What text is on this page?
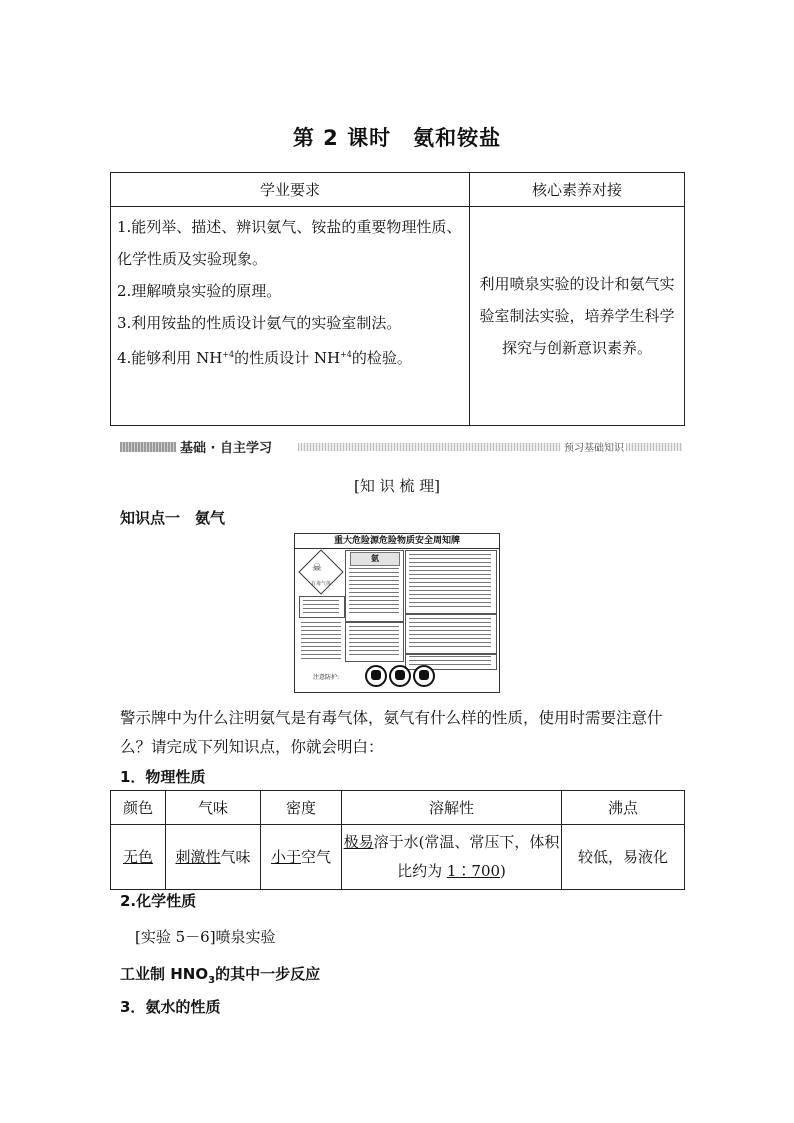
第 2 课时　氨和铵盐
学业要求	核心素养对接

1.能列举、描述、辨识氨气、铵盐的重要物理性质、化学性质及实验现象。

2.理解喷泉实验的原理。

3.利用铵盐的性质设计氨气的实验室制法。

4.能够利用 $NH^{+4}$的性质设计 $NH^{+4}$的检验。	利用喷泉实验的设计和氨气实验室制法实验，培养学生科学探究与创新意识素养。
基础 · 自主学习	预习基础知识
[知 识 梳 理]
知识点一　氨气
重大危险源危险物质安全周知牌
☠
有毒气体
氨
注意防护:
警示牌中为什么注明氨气是有毒气体，氨气有什么样的性质，使用时需要注意什么？请完成下列知识点，你就会明白：
1．物理性质
颜色	气味	密度	溶解性	沸点
无色	刺激性气味	小于空气	极易溶于水(常温、常压下，体积比约为 1∶700)	较低，易液化
2.化学性质
[实验 5－6]喷泉实验
工业制 $HNO_3$的其中一步反应
3．氨水的性质
